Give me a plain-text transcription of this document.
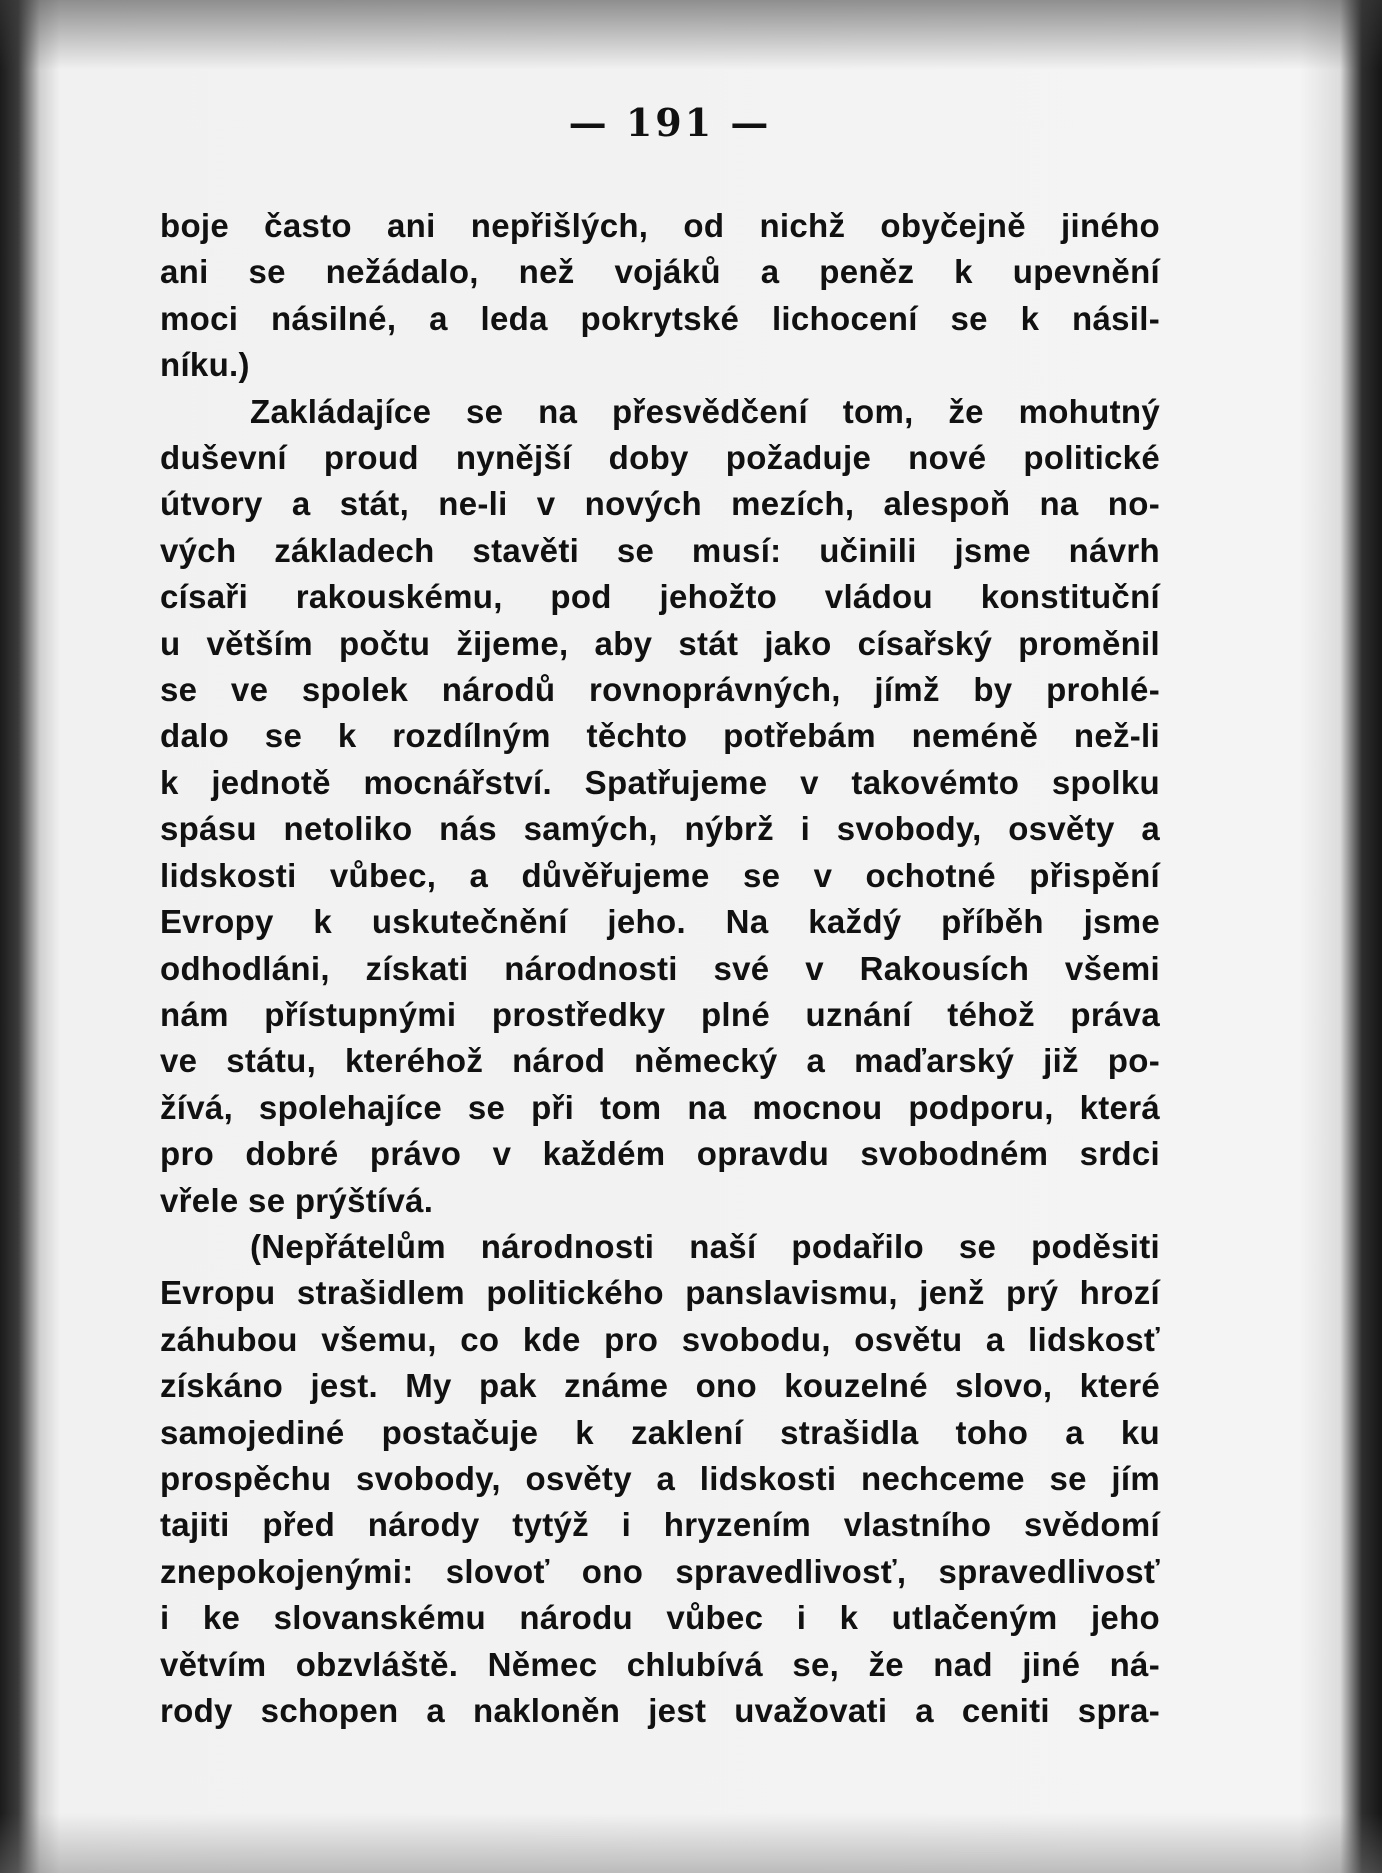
— 191 —
boje často ani nepřišlých, od nichž obyčejně jiného
ani se nežádalo, než vojáků a peněz k upevnění
moci násilné, a leda pokrytské lichocení se k násil-
níku.)
Zakládajíce se na přesvědčení tom, že mohutný
duševní proud nynější doby požaduje nové politické
útvory a stát, ne-li v nových mezích, alespoň na no-
vých základech stavěti se musí: učinili jsme návrh
císaři rakouskému, pod jehožto vládou konstituční
u větším počtu žijeme, aby stát jako císařský proměnil
se ve spolek národů rovnoprávných, jímž by prohlé-
dalo se k rozdílným těchto potřebám neméně než-li
k jednotě mocnářství. Spatřujeme v takovémto spolku
spásu netoliko nás samých, nýbrž i svobody, osvěty a
lidskosti vůbec, a důvěřujeme se v ochotné přispění
Evropy k uskutečnění jeho. Na každý příběh jsme
odhodláni, získati národnosti své v Rakousích všemi
nám přístupnými prostředky plné uznání téhož práva
ve státu, kteréhož národ německý a maďarský již po-
žívá, spolehajíce se při tom na mocnou podporu, která
pro dobré právo v každém opravdu svobodném srdci
vřele se prýštívá.
(Nepřátelům národnosti naší podařilo se poděsiti
Evropu strašidlem politického panslavismu, jenž prý hrozí
záhubou všemu, co kde pro svobodu, osvětu a lidskosť
získáno jest. My pak známe ono kouzelné slovo, které
samojediné postačuje k zaklení strašidla toho a ku
prospěchu svobody, osvěty a lidskosti nechceme se jím
tajiti před národy tytýž i hryzením vlastního svědomí
znepokojenými: slovoť ono spravedlivosť, spravedlivosť
i ke slovanskému národu vůbec i k utlačeným jeho
větvím obzvláště. Němec chlubívá se, že nad jiné ná-
rody schopen a nakloněn jest uvažovati a ceniti spra-
